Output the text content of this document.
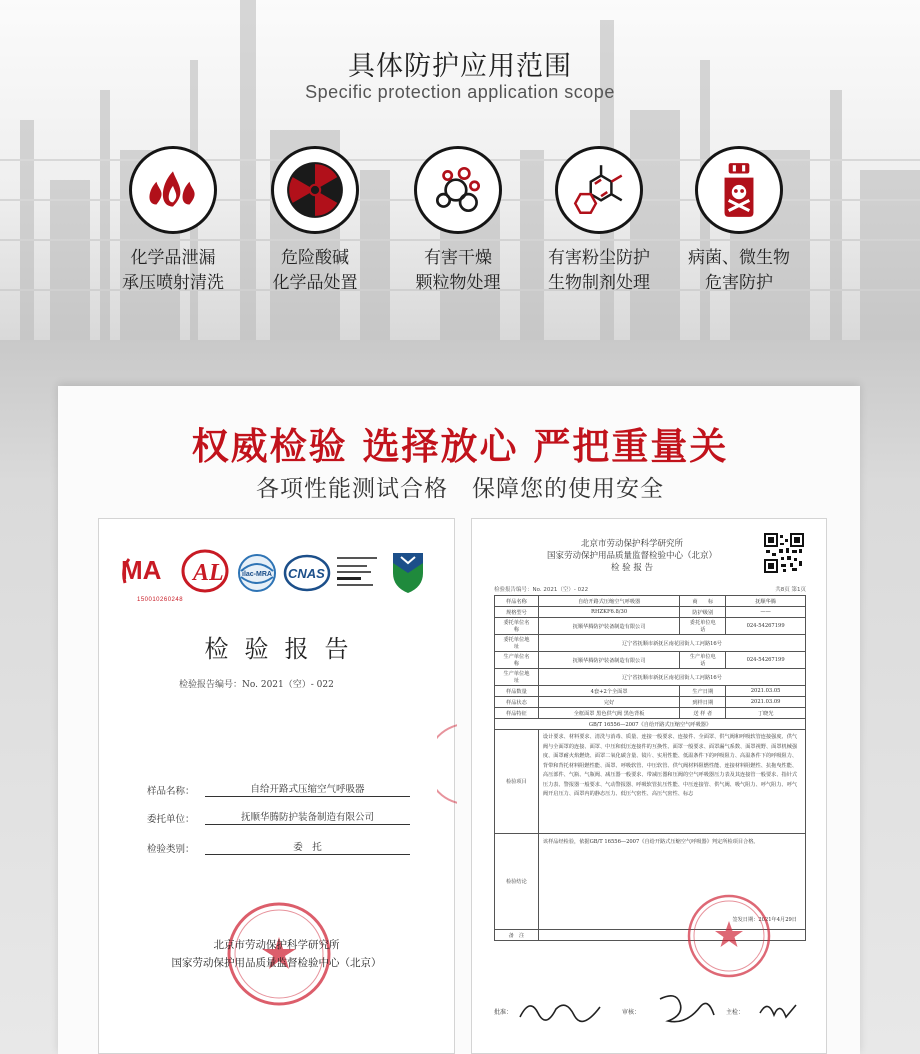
具体防护应用范围
Specific protection application scope
化学品泄漏
承压喷射清洗
危险酸碱
化学品处置
有害干燥
颗粒物处理
有害粉尘防护
生物制剂处理
病菌、微生物
危害防护
权威检验 选择放心 严把重量关
各项性能测试合格　保障您的使用安全
MA
150010260248
AL	ilac-MRA CNAS
检验报告
检验报告编号：No. 2021（空）- 022
样品名称：	自给开路式压缩空气呼吸器
委托单位：	抚顺华腾防护装备制造有限公司
检验类别：	委　托
北京市劳动保护科学研究所
国家劳动保护用品质量监督检验中心（北京）
北京市劳动保护科学研究所
国家劳动保护用品质量监督检验中心（北京）
检 验 报 告
检验报告编号：No. 2021（空）- 022	共8页 第1页
样品名称	自给开路式压缩空气呼吸器	商　　标	抚顺华腾
规格型号	RHZKF6.8/30	防护级别	——
委托单位名　　称	抚顺华腾防护装备制造有限公司	委托单位电　　话	024-54267199
委托单位地　　址	辽宁省抚顺市新抚区南花园街人工河路16号		
生产单位名　　称	抚顺华腾防护装备制造有限公司	生产单位电　　话	024-54267199
生产单位地　　址	辽宁省抚顺市新抚区南花园街人工河路16号		
样品数量	4套+2个全面罩	生产日期	2021.03.05
样品状态	完好	到样日期	2021.03.09
样品特征	全框面罩 黑色供气阀 黑色背板	送 样 者	丁晓光
GB/T 16556—2007《自给开路式压缩空气呼吸器》			
检验项目	设计要求、材料要求、清洗与消毒、质量、连接一般要求、连接件、全面罩、供气阀和呼吸软管连接强度、供气阀与全面罩的连接、面罩、中压和低压连接件的互换性、面罩一般要求、面罩漏气系数、面罩视野、面罩机械强度、面罩耐火焰燃烧、面罩二氧化碳含量、镜片、实用性能、低温条件下的呼吸阻力、高温条件下的呼吸阻力、背带和背托材料阻燃性能、面罩、呼吸软管、中压软管、供气阀材料阻燃性能、连接材料阻燃性、抗拖曳性能、高压部件、气瓶、气瓶阀、减压器一般要求、带减压器和压阀的空气呼吸器压力表及其连接管一般要求、指针式压力表、警报器一般要求、气动警报器、呼吸软管抗压性能、中压连接管、供气阀、吸气阻力、呼气阻力、呼气阀开启压力、面罩内的静态压力、低压气密性、高压气密性、标志		
检验结论	该样品经检验，依据GB/T 16556—2007《自给开路式压缩空气呼吸器》判定所检项目合格。
签发日期：2021年4月29日		

备　注			
批准：	审核：	主检：
